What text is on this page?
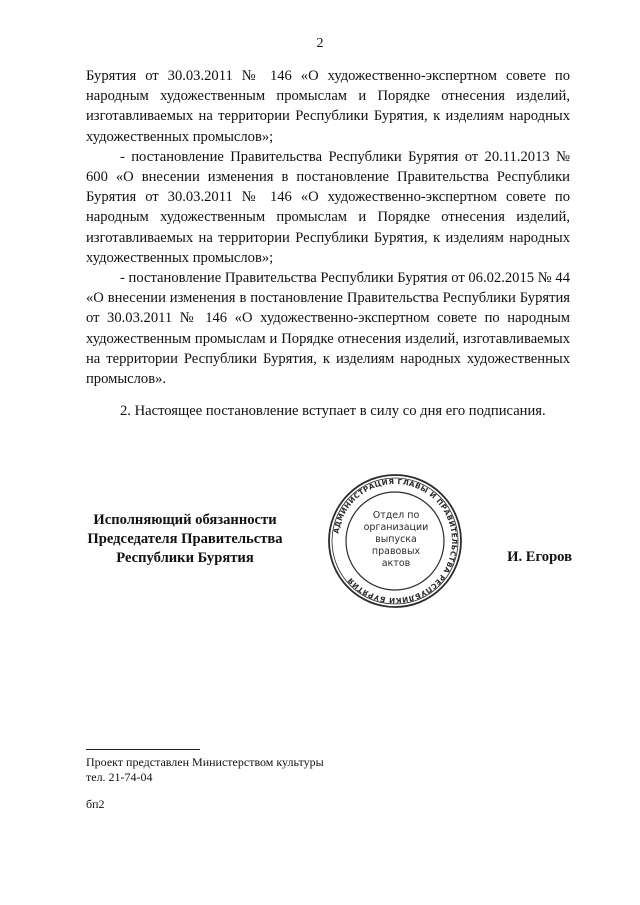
2

Бурятия от 30.03.2011 № 146 «О художественно-экспертном совете по народным художественным промыслам и Порядке отнесения изделий, изготавливаемых на территории Республики Бурятия, к изделиям народных художественных промыслов»;

- постановление Правительства Республики Бурятия от 20.11.2013 № 600 «О внесении изменения в постановление Правительства Республики Бурятия от 30.03.2011 № 146 «О художественно-экспертном совете по народным художественным промыслам и Порядке отнесения изделий, изготавливаемых на территории Республики Бурятия, к изделиям народных художественных промыслов»;

- постановление Правительства Республики Бурятия от 06.02.2015 № 44 «О внесении изменения в постановление Правительства Республики Бурятия от 30.03.2011 № 146 «О художественно-экспертном совете по народным художественным промыслам и Порядке отнесения изделий, изготавливаемых на территории Республики Бурятия, к изделиям народных художественных промыслов».

2. Настоящее постановление вступает в силу со дня его подписания.

Исполняющий обязанности
Председателя Правительства
Республики Бурятия
АДМИНИСТРАЦИЯ ГЛАВЫ И ПРАВИТЕЛЬСТВА РЕСПУБЛИКИ БУРЯТИЯ
Отдел по
организации
выпуска
правовых
актов	И. Егоров
Проект представлен Министерством культуры
тел. 21-74-04
бп2
